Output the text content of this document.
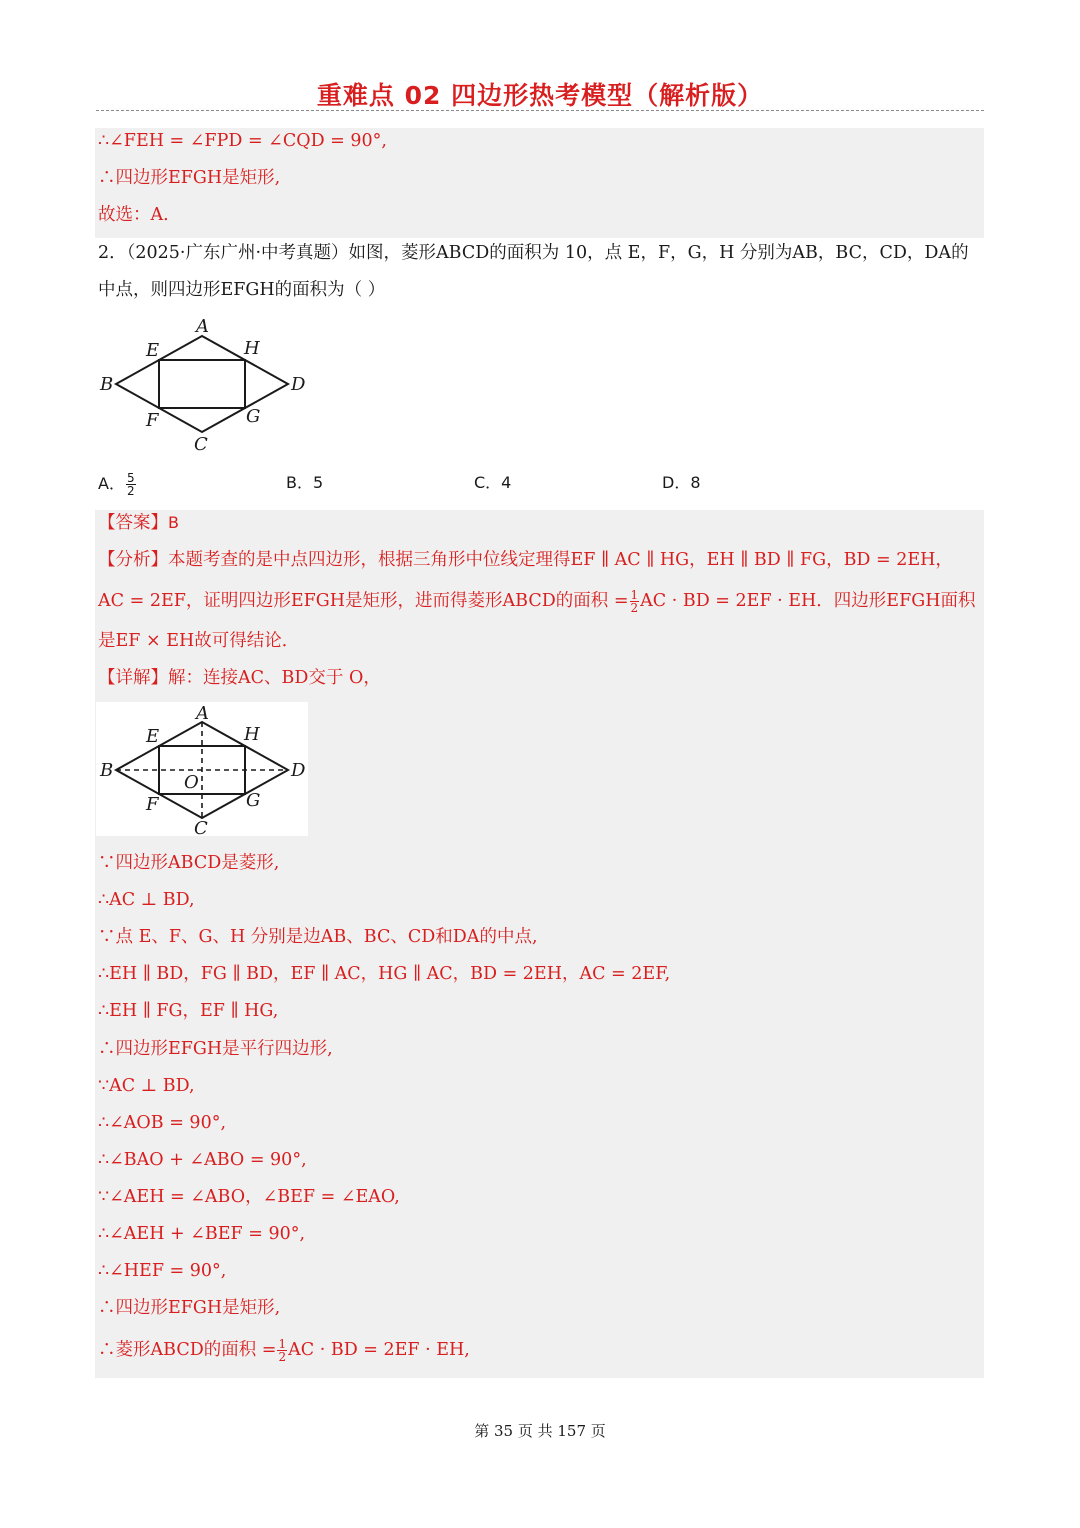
重难点 02 四边形热考模型（解析版）
∴∠FEH = ∠FPD = ∠CQD = 90°,
∴四边形EFGH是矩形,
故选：A.
2．（2025·广东广州·中考真题）如图，菱形ABCD的面积为 10，点 E，F，G，H 分别为AB，BC，CD，DA的
中点，则四边形EFGH的面积为（ ）
A
B
C
D
E
F	G
H
A． $\frac{5}{2}$	B．5	C．4	D．8
【答案】B
【分析】本题考查的是中点四边形，根据三角形中位线定理得EF ∥ AC ∥ HG，EH ∥ BD ∥ FG，BD = 2EH，
AC = 2EF，证明四边形EFGH是矩形，进而得菱形ABCD的面积 = $\frac{1}{2}$ AC · BD = 2EF · EH．四边形EFGH面积
是EF × EH故可得结论．
【详解】解：连接AC、BD交于 O，
A
B
C
D
E
F	G
H
O
∵四边形ABCD是菱形,
∴AC ⊥ BD,
∵点 E、F、G、H 分别是边AB、BC、CD和DA的中点,
∴EH ∥ BD，FG ∥ BD，EF ∥ AC，HG ∥ AC，BD = 2EH，AC = 2EF,
∴EH ∥ FG，EF ∥ HG,
∴四边形EFGH是平行四边形,
∵AC ⊥ BD,
∴∠AOB = 90°,
∴∠BAO + ∠ABO = 90°,
∵∠AEH = ∠ABO，∠BEF = ∠EAO,
∴∠AEH + ∠BEF = 90°,
∴∠HEF = 90°,
∴四边形EFGH是矩形,
∴菱形ABCD的面积 = $\frac{1}{2}$ AC · BD = 2EF · EH,
第 35 页 共 157 页
